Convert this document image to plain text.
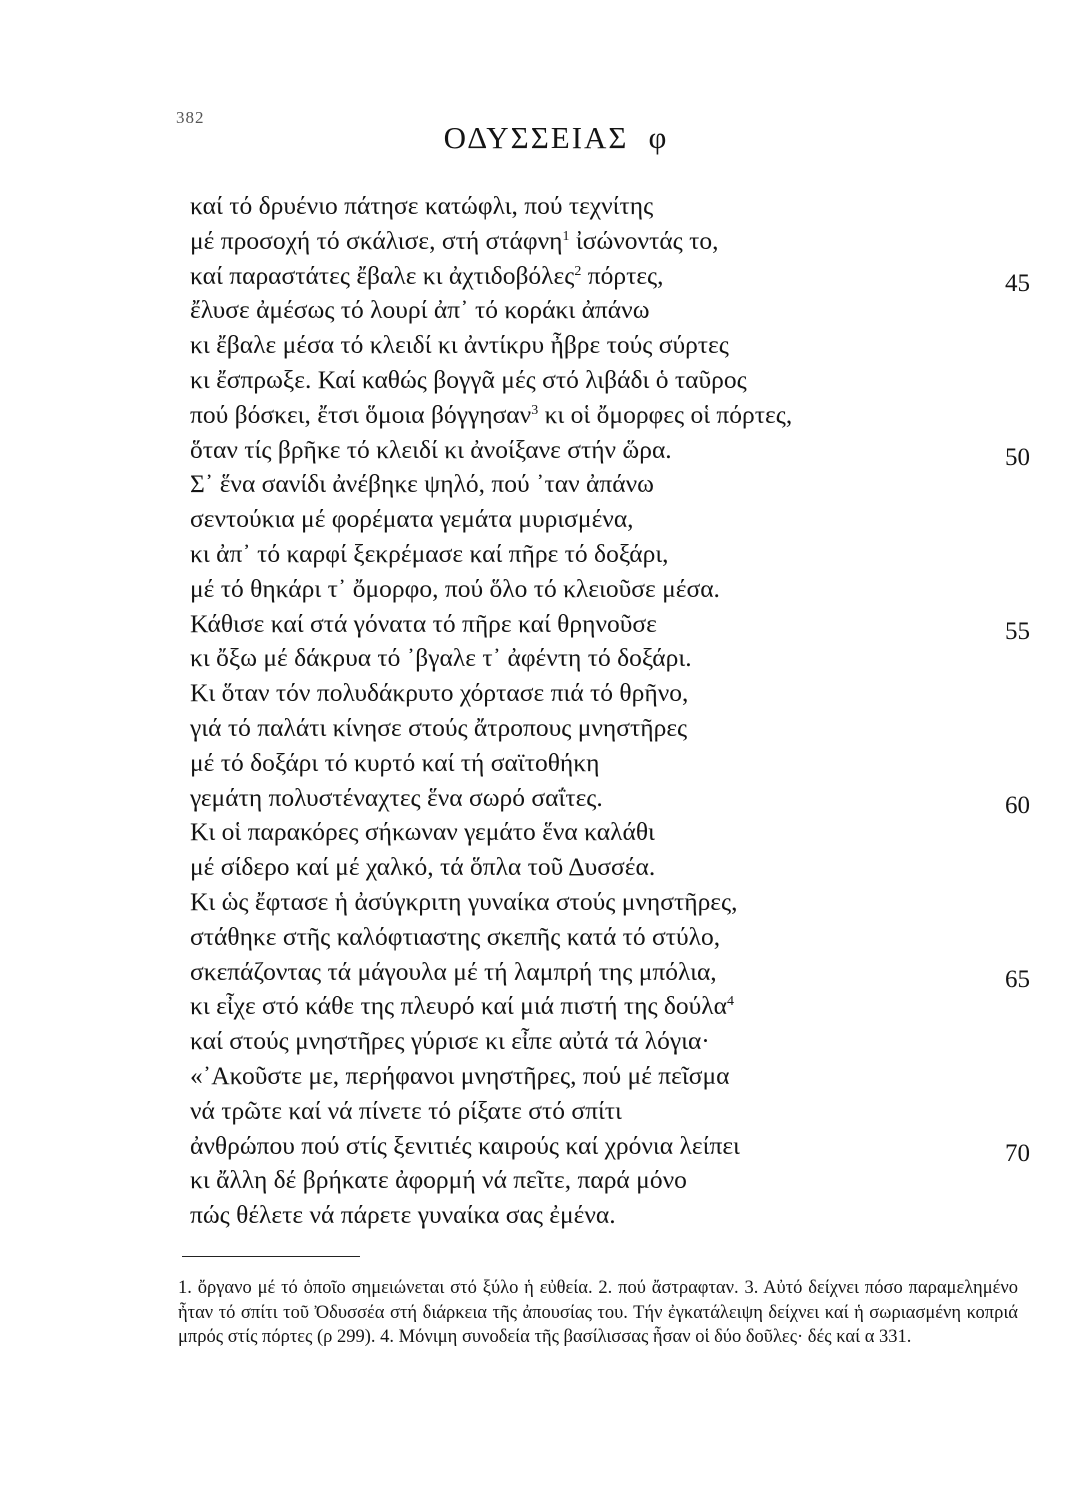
382
ΟΔΥΣΣΕΙΑΣ φ
καί τό δρυένιο πάτησε κατώφλι, πού τεχνίτης
μέ προσοχή τό σκάλισε, στή στάφνη$^1$ ἰσώνοντάς το,
καί παραστάτες ἔβαλε κι ἀχτιδοβόλες$^2$ πόρτες,	45
ἔλυσε ἀμέσως τό λουρί ἀπ᾽ τό κοράκι ἀπάνω
κι ἔβαλε μέσα τό κλειδί κι ἀντίκρυ ἦβρε τούς σύρτες
κι ἔσπρωξε. Καί καθώς βογγᾶ μές στό λιβάδι ὁ ταῦρος
πού βόσκει, ἔτσι ὅμοια βόγγησαν$^3$ κι οἱ ὄμορφες οἱ πόρτες,
ὅταν τίς βρῆκε τό κλειδί κι ἀνοίξανε στήν ὥρα.	50
Σ᾽ ἕνα σανίδι ἀνέβηκε ψηλό, πού ᾽ταν ἀπάνω
σεντούκια μέ φορέματα γεμάτα μυρισμένα,
κι ἀπ᾽ τό καρφί ξεκρέμασε καί πῆρε τό δοξάρι,
μέ τό θηκάρι τ᾽ ὄμορφο, πού ὅλο τό κλειοῦσε μέσα.
Κάθισε καί στά γόνατα τό πῆρε καί θρηνοῦσε	55
κι ὄξω μέ δάκρυα τό ᾽βγαλε τ᾽ ἀφέντη τό δοξάρι.
Κι ὅταν τόν πολυδάκρυτο χόρτασε πιά τό θρῆνο,
γιά τό παλάτι κίνησε στούς ἄτροπους μνηστῆρες
μέ τό δοξάρι τό κυρτό καί τή σαϊτοθήκη
γεμάτη πολυστέναχτες ἕνα σωρό σαΐτες.	60
Κι οἱ παρακόρες σήκωναν γεμάτο ἕνα καλάθι
μέ σίδερο καί μέ χαλκό, τά ὅπλα τοῦ Δυσσέα.
Κι ὡς ἔφτασε ἡ ἀσύγκριτη γυναίκα στούς μνηστῆρες,
στάθηκε στῆς καλόφτιαστης σκεπῆς κατά τό στύλο,
σκεπάζοντας τά μάγουλα μέ τή λαμπρή της μπόλια,	65
κι εἶχε στό κάθε της πλευρό καί μιά πιστή της δούλα$^4$
καί στούς μνηστῆρες γύρισε κι εἶπε αὐτά τά λόγια·
«᾽Ακοῦστε με, περήφανοι μνηστῆρες, πού μέ πεῖσμα
νά τρῶτε καί νά πίνετε τό ρίξατε στό σπίτι
ἀνθρώπου πού στίς ξενιτιές καιρούς καί χρόνια λείπει	70
κι ἄλλη δέ βρήκατε ἀφορμή νά πεῖτε, παρά μόνο
πώς θέλετε νά πάρετε γυναίκα σας ἐμένα.
1. ὄργανο μέ τό ὁποῖο σημειώνεται στό ξύλο ἡ εὐθεία. 2. πού ἄστραφταν. 3. Αὐτό δείχνει πόσο παραμελημένο ἦταν τό σπίτι τοῦ Ὀδυσσέα στή διάρκεια τῆς ἀπουσίας του. Τήν ἐγκατάλειψη δείχνει καί ἡ σωριασμένη κοπριά μπρός στίς πόρτες (ρ 299). 4. Μόνιμη συνοδεία τῆς βασίλισσας ἦσαν οἱ δύο δοῦλες· δές καί α 331.
